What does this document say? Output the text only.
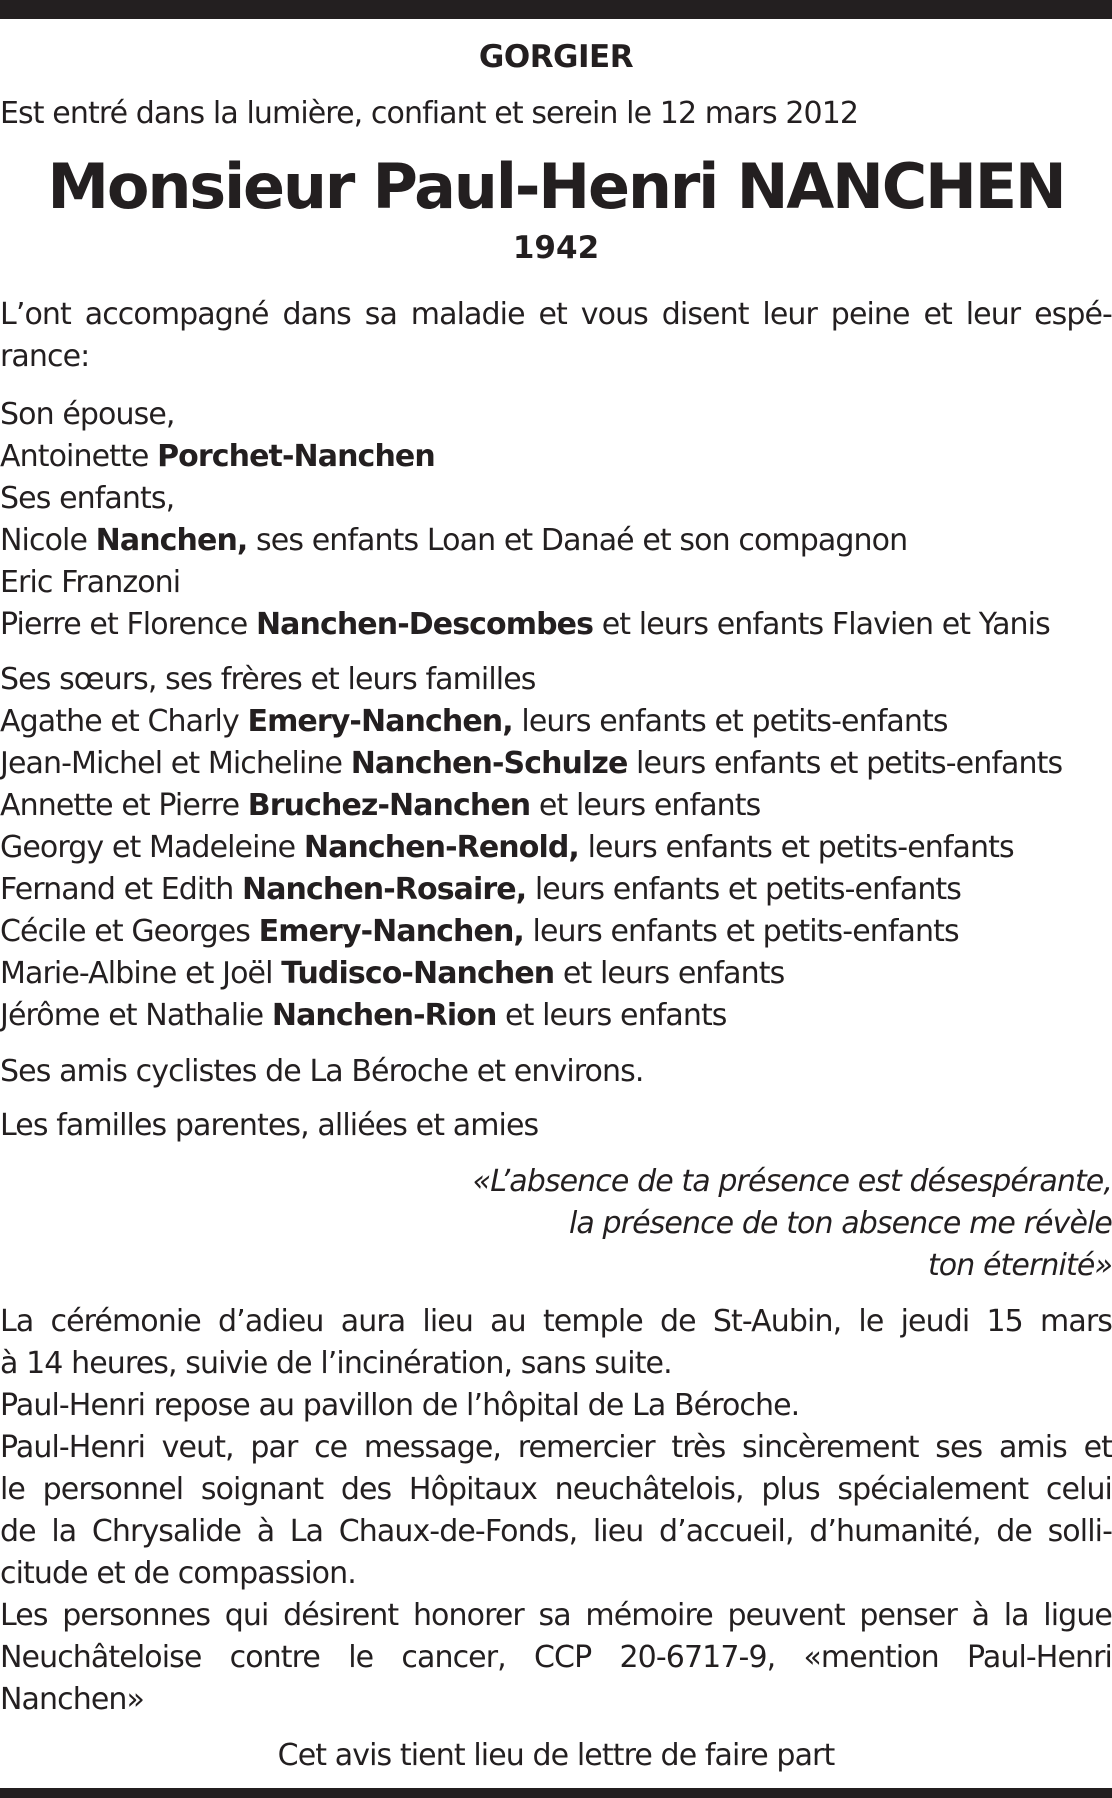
GORGIER
Est entré dans la lumière, confiant et serein le 12 mars 2012
Monsieur Paul-Henri NANCHEN
1942
L’ont accompagné dans sa maladie et vous disent leur peine et leur espé-
rance:
Son épouse,
Antoinette Porchet-Nanchen
Ses enfants,
Nicole Nanchen, ses enfants Loan et Danaé et son compagnon
Eric Franzoni
Pierre et Florence Nanchen-Descombes et leurs enfants Flavien et Yanis
Ses sœurs, ses frères et leurs familles
Agathe et Charly Emery-Nanchen, leurs enfants et petits-enfants
Jean-Michel et Micheline Nanchen-Schulze leurs enfants et petits-enfants
Annette et Pierre Bruchez-Nanchen et leurs enfants
Georgy et Madeleine Nanchen-Renold, leurs enfants et petits-enfants
Fernand et Edith Nanchen-Rosaire, leurs enfants et petits-enfants
Cécile et Georges Emery-Nanchen, leurs enfants et petits-enfants
Marie-Albine et Joël Tudisco-Nanchen et leurs enfants
Jérôme et Nathalie Nanchen-Rion et leurs enfants
Ses amis cyclistes de La Béroche et environs.
Les familles parentes, alliées et amies
«L’absence de ta présence est désespérante,
la présence de ton absence me révèle
ton éternité»
La cérémonie d’adieu aura lieu au temple de St-Aubin, le jeudi 15 mars
à 14 heures, suivie de l’incinération, sans suite.
Paul-Henri repose au pavillon de l’hôpital de La Béroche.
Paul-Henri veut, par ce message, remercier très sincèrement ses amis et
le personnel soignant des Hôpitaux neuchâtelois, plus spécialement celui
de la Chrysalide à La Chaux-de-Fonds, lieu d’accueil, d’humanité, de solli-
citude et de compassion.
Les personnes qui désirent honorer sa mémoire peuvent penser à la ligue
Neuchâteloise contre le cancer, CCP 20-6717-9, «mention Paul-Henri
Nanchen»
Cet avis tient lieu de lettre de faire part
